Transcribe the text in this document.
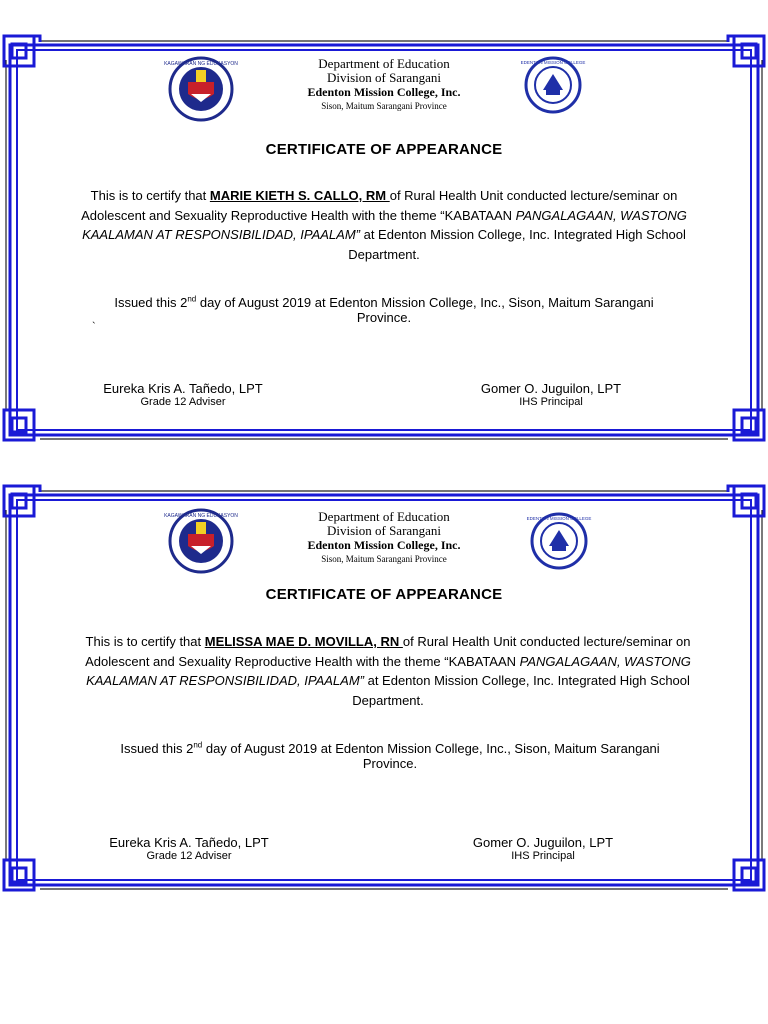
KAGAWARAN NG EDUKASYON	EDENTON MISSION COLLEGE
Department of Education
Division of Sarangani
Edenton Mission College, Inc.
Sison, Maitum Sarangani Province
CERTIFICATE OF APPEARANCE
This is to certify that MARIE KIETH S. CALLO, RM of Rural Health Unit conducted lecture/seminar on Adolescent and Sexuality Reproductive Health with the theme “KABATAAN PANGALAGAAN, WASTONG KAALAMAN AT RESPONSIBILIDAD, IPAALAM” at Edenton Mission College, Inc. Integrated High School Department.
Issued this 2nd day of August 2019 at Edenton Mission College, Inc., Sison, Maitum Sarangani Province.
`
Eureka Kris A. Tañedo, LPT
Grade 12 Adviser
Gomer O. Juguilon, LPT
IHS Principal
KAGAWARAN NG EDUKASYON	EDENTON MISSION COLLEGE
Department of Education
Division of Sarangani
Edenton Mission College, Inc.
Sison, Maitum Sarangani Province
CERTIFICATE OF APPEARANCE
This is to certify that MELISSA MAE D. MOVILLA, RN of Rural Health Unit conducted lecture/seminar on Adolescent and Sexuality Reproductive Health with the theme “KABATAAN PANGALAGAAN, WASTONG KAALAMAN AT RESPONSIBILIDAD, IPAALAM” at Edenton Mission College, Inc. Integrated High School Department.
Issued this 2nd day of August 2019 at Edenton Mission College, Inc., Sison, Maitum Sarangani Province.
Eureka Kris A. Tañedo, LPT
Grade 12 Adviser
Gomer O. Juguilon, LPT
IHS Principal
